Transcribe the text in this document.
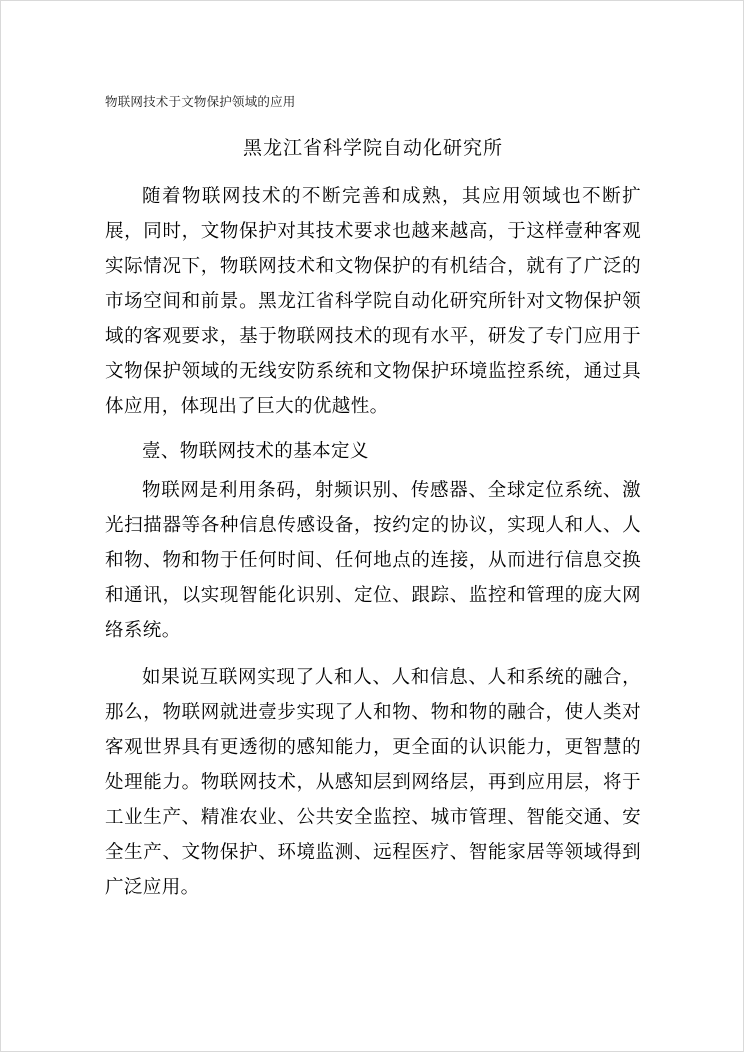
物联网技术于文物保护领域的应用
黑龙江省科学院自动化研究所

随着物联网技术的不断完善和成熟，其应用领域也不断扩展，同时，文物保护对其技术要求也越来越高，于这样壹种客观实际情况下，物联网技术和文物保护的有机结合，就有了广泛的市场空间和前景。黑龙江省科学院自动化研究所针对文物保护领域的客观要求，基于物联网技术的现有水平，研发了专门应用于文物保护领域的无线安防系统和文物保护环境监控系统，通过具体应用，体现出了巨大的优越性。

壹、物联网技术的基本定义

物联网是利用条码，射频识别、传感器、全球定位系统、激光扫描器等各种信息传感设备，按约定的协议，实现人和人、人和物、物和物于任何时间、任何地点的连接，从而进行信息交换和通讯，以实现智能化识别、定位、跟踪、监控和管理的庞大网络系统。

如果说互联网实现了人和人、人和信息、人和系统的融合，那么，物联网就进壹步实现了人和物、物和物的融合，使人类对客观世界具有更透彻的感知能力，更全面的认识能力，更智慧的处理能力。物联网技术，从感知层到网络层，再到应用层，将于工业生产、精准农业、公共安全监控、城市管理、智能交通、安全生产、文物保护、环境监测、远程医疗、智能家居等领域得到广泛应用。
